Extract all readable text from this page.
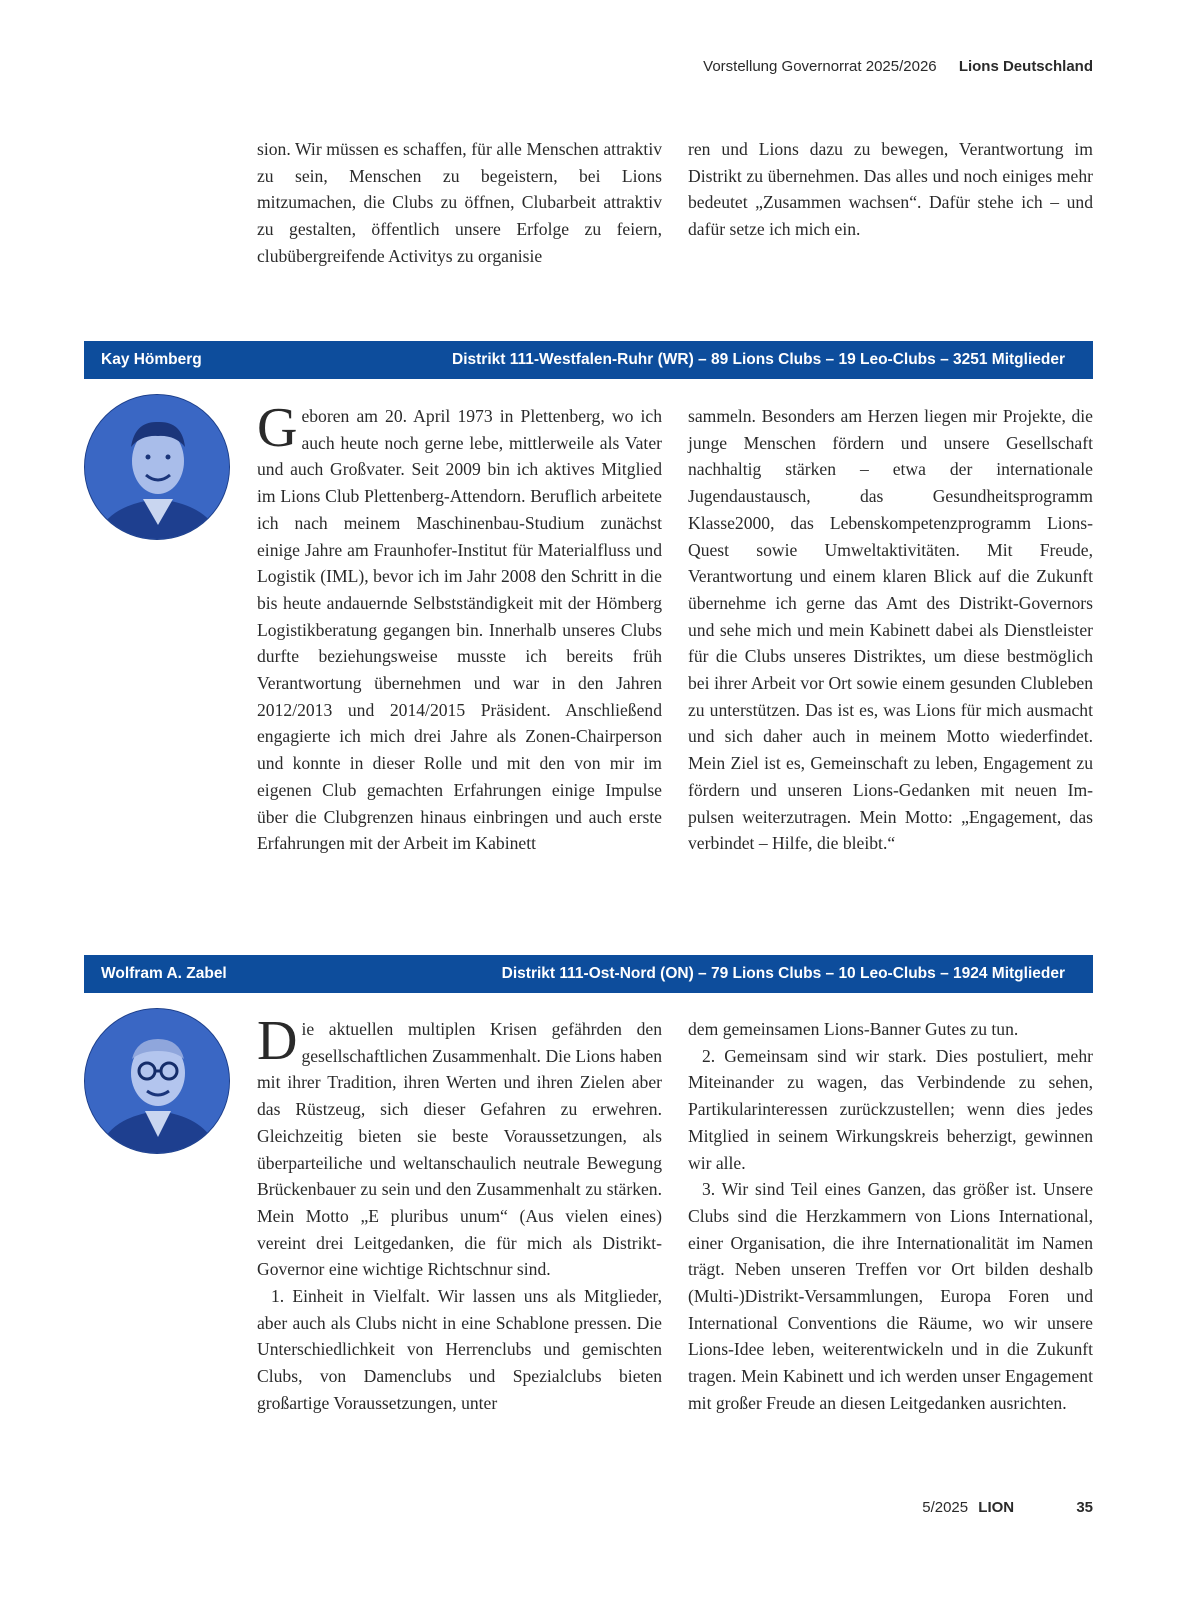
Vorstellung Governorrat 2025/2026 Lions Deutschland

sion. Wir müssen es schaffen, für alle Menschen attraktiv zu sein, Menschen zu begeistern, bei Lions mitzumachen, die Clubs zu öffnen, Clubarbeit attraktiv zu gestalten, öffentlich unsere Erfolge zu feiern, clubübergreifende Activitys zu organisie

ren und Lions dazu zu bewegen, Verantwortung im Distrikt zu übernehmen. Das alles und noch einiges mehr bedeutet „Zusammen wachsen“. Dafür stehe ich – und dafür setze ich mich ein.

Kay Hömberg	Distrikt 111-Westfalen-Ruhr (WR) – 89 Lions Clubs – 19 Leo-Clubs – 3251 Mitglieder

Geboren am 20. April 1973 in Plettenberg, wo ich auch heute noch gerne lebe, mittlerweile als Vater und auch Großvater. Seit 2009 bin ich aktives Mitglied im Lions Club Plettenberg-Attendorn. Beruflich arbeitete ich nach meinem Maschinenbau-Studium zunächst einige Jahre am Fraunhofer-Institut für Materialfluss und Logistik (IML), bevor ich im Jahr 2008 den Schritt in die bis heute andauernde Selbstständigkeit mit der Hömberg Logistikberatung gegangen bin. Innerhalb unseres Clubs durfte beziehungsweise musste ich bereits früh Verantwortung übernehmen und war in den Jahren 2012/2013 und 2014/2015 Präsident. Anschließend engagierte ich mich drei Jahre als Zonen-Chairperson und konnte in dieser Rolle und mit den von mir im eigenen Club gemachten Erfahrungen einige Impulse über die Clubgrenzen hinaus einbringen und auch erste Erfahrungen mit der Arbeit im Kabinett

sammeln. Besonders am Herzen liegen mir Projekte, die junge Menschen fördern und unsere Gesellschaft nachhaltig stärken – etwa der internationale Jugendaustausch, das Gesundheitsprogramm Klasse2000, das Lebenskompetenzprogramm Lions-Quest sowie Umweltaktivitäten. Mit Freude, Verantwortung und einem klaren Blick auf die Zukunft übernehme ich gerne das Amt des Distrikt-Governors und sehe mich und mein Kabinett dabei als Dienstleister für die Clubs unseres Distriktes, um diese bestmöglich bei ihrer Arbeit vor Ort sowie einem gesunden Clubleben zu unterstützen. Das ist es, was Lions für mich ausmacht und sich daher auch in meinem Motto wiederfindet. Mein Ziel ist es, Gemeinschaft zu leben, Engagement zu fördern und unseren Lions-Gedanken mit neuen Impulsen weiterzutragen. Mein Motto: „Engagement, das verbindet – Hilfe, die bleibt.“

Wolfram A. Zabel	Distrikt 111-Ost-Nord (ON) – 79 Lions Clubs – 10 Leo-Clubs – 1924 Mitglieder

Die aktuellen multiplen Krisen gefährden den gesellschaftlichen Zusammenhalt. Die Lions haben mit ihrer Tradition, ihren Werten und ihren Zielen aber das Rüstzeug, sich dieser Gefahren zu erwehren. Gleichzeitig bieten sie beste Voraussetzungen, als überparteiliche und weltanschaulich neutrale Bewegung Brückenbauer zu sein und den Zusammenhalt zu stärken. Mein Motto „E pluribus unum“ (Aus vielen eines) vereint drei Leitgedanken, die für mich als Distrikt-Governor eine wichtige Richtschnur sind.

1. Einheit in Vielfalt. Wir lassen uns als Mitglieder, aber auch als Clubs nicht in eine Schablone pressen. Die Unterschiedlichkeit von Herrenclubs und gemischten Clubs, von Damenclubs und Spezialclubs bieten großartige Voraussetzungen, unter

dem gemeinsamen Lions-Banner Gutes zu tun.

2. Gemeinsam sind wir stark. Dies postuliert, mehr Miteinander zu wagen, das Verbindende zu sehen, Partikularinteressen zurückzustellen; wenn dies jedes Mitglied in seinem Wirkungskreis beherzigt, gewinnen wir alle.

3. Wir sind Teil eines Ganzen, das größer ist. Unsere Clubs sind die Herzkammern von Lions International, einer Organisation, die ihre Internationalität im Namen trägt. Neben unseren Treffen vor Ort bilden deshalb (Multi-)Distrikt-Versammlungen, Europa Foren und International Conventions die Räume, wo wir unsere Lions-Idee leben, weiterentwickeln und in die Zukunft tragen. Mein Kabinett und ich werden unser Engagement mit großer Freude an diesen Leitgedanken ausrichten.

5/2025 LION	35
